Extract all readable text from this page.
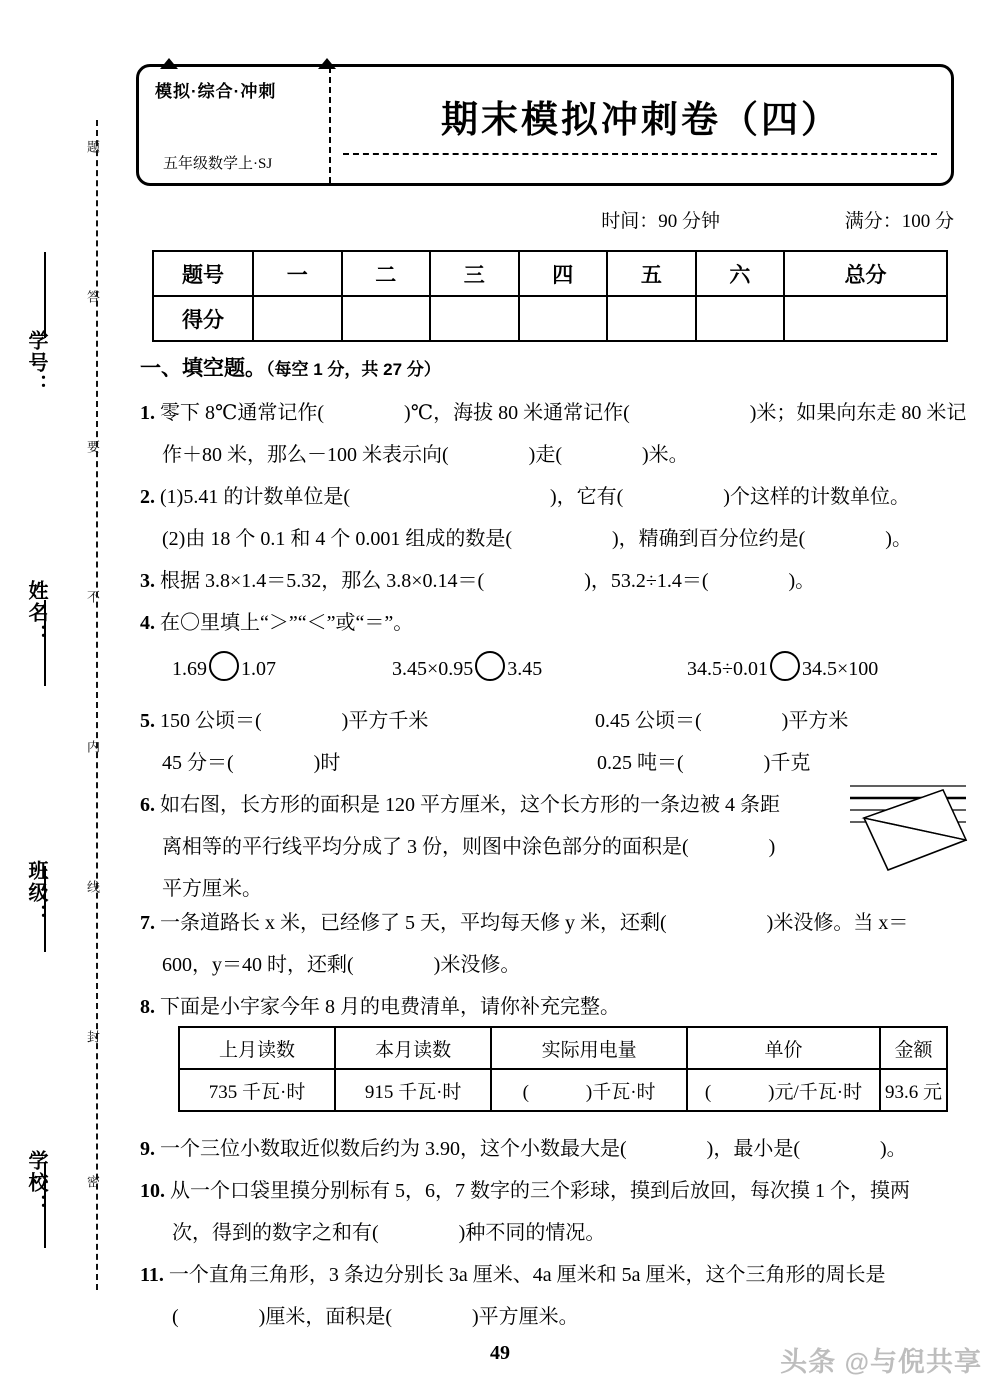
学号：
姓名：
班级：
学校：
题
答
要
不
内
线
封
密
模拟·综合·冲刺
五年级数学上·SJ
期末模拟冲刺卷（四）
时间：90 分钟	满分：100 分
题号	一	二	三	四	五	六	总分
得分							
一、填空题。（每空 1 分，共 27 分）
1. 零下 8℃通常记作(　　　　)℃，海拔 80 米通常记作(　　　　　　)米；如果向东走 80 米记
作＋80 米，那么－100 米表示向(　　　　)走(　　　　)米。
2. (1)5.41 的计数单位是(　　　　　　　　　　)，它有(　　　　　)个这样的计数单位。
(2)由 18 个 0.1 和 4 个 0.001 组成的数是(　　　　　)，精确到百分位约是(　　　　)。
3. 根据 3.8×1.4＝5.32，那么 3.8×0.14＝(　　　　　)，53.2÷1.4＝(　　　　)。
4. 在〇里填上“＞”“＜”或“＝”。
1.69 1.07	3.45×0.95 3.45	34.5÷0.01 34.5×100
5. 150 公顷＝(　　　　)平方千米	0.45 公顷＝(　　　　)平方米
45 分＝(　　　　)时	0.25 吨＝(　　　　)千克
6. 如右图，长方形的面积是 120 平方厘米，这个长方形的一条边被 4 条距
离相等的平行线平均分成了 3 份，则图中涂色部分的面积是(　　　　)
平方厘米。
7. 一条道路长 x 米，已经修了 5 天，平均每天修 y 米，还剩(　　　　　)米没修。当 x＝
600，y＝40 时，还剩(　　　　)米没修。
8. 下面是小宇家今年 8 月的电费清单，请你补充完整。
上月读数	本月读数	实际用电量	单价	金额
735 千瓦·时	915 千瓦·时	(　　　)千瓦·时	(　　　)元/千瓦·时	93.6 元
9. 一个三位小数取近似数后约为 3.90，这个小数最大是(　　　　)，最小是(　　　　)。
10. 从一个口袋里摸分别标有 5，6，7 数字的三个彩球，摸到后放回，每次摸 1 个，摸两
次，得到的数字之和有(　　　　)种不同的情况。
11. 一个直角三角形，3 条边分别长 3a 厘米、4a 厘米和 5a 厘米，这个三角形的周长是
(　　　　)厘米，面积是(　　　　)平方厘米。
49	头条 @与倪共享
